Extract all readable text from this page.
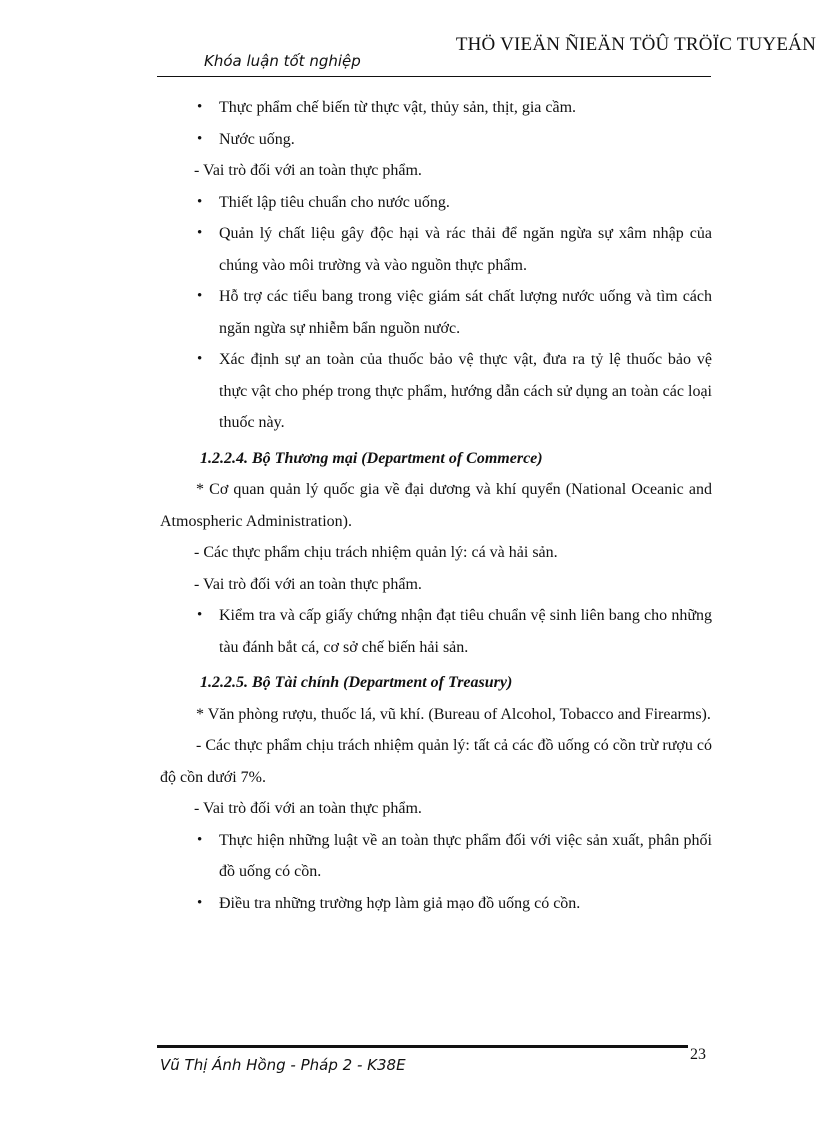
THÖ VIEÄN ÑIEÄN TÖÛ TRÖÏC TUYEÁN
Khóa luận tốt nghiệp
• Thực phẩm chế biến từ thực vật, thủy sản, thịt, gia cầm.
• Nước uống.

- Vai trò đối với an toàn thực phẩm.

• Thiết lập tiêu chuẩn cho nước uống.
• Quản lý chất liệu gây độc hại và rác thải để ngăn ngừa sự xâm nhập của chúng vào môi trường và vào nguồn thực phẩm.
• Hỗ trợ các tiểu bang trong việc giám sát chất lượng nước uống và tìm cách ngăn ngừa sự nhiễm bẩn nguồn nước.
• Xác định sự an toàn của thuốc bảo vệ thực vật, đưa ra tỷ lệ thuốc bảo vệ thực vật cho phép trong thực phẩm, hướng dẫn cách sử dụng an toàn các loại thuốc này.

1.2.2.4. Bộ Thương mại (Department of Commerce)

* Cơ quan quản lý quốc gia về đại dương và khí quyển (National Oceanic and Atmospheric Administration).

- Các thực phẩm chịu trách nhiệm quản lý: cá và hải sản.

- Vai trò đối với an toàn thực phẩm.

• Kiểm tra và cấp giấy chứng nhận đạt tiêu chuẩn vệ sinh liên bang cho những tàu đánh bắt cá, cơ sở chế biến hải sản.

1.2.2.5. Bộ Tài chính (Department of Treasury)

* Văn phòng rượu, thuốc lá, vũ khí. (Bureau of Alcohol, Tobacco and Firearms).

- Các thực phẩm chịu trách nhiệm quản lý: tất cả các đồ uống có cồn trừ rượu có độ cồn dưới 7%.

- Vai trò đối với an toàn thực phẩm.

• Thực hiện những luật về an toàn thực phẩm đối với việc sản xuất, phân phối đồ uống có cồn.
• Điều tra những trường hợp làm giả mạo đồ uống có cồn.
Vũ Thị Ánh Hồng - Pháp 2 - K38E
23
